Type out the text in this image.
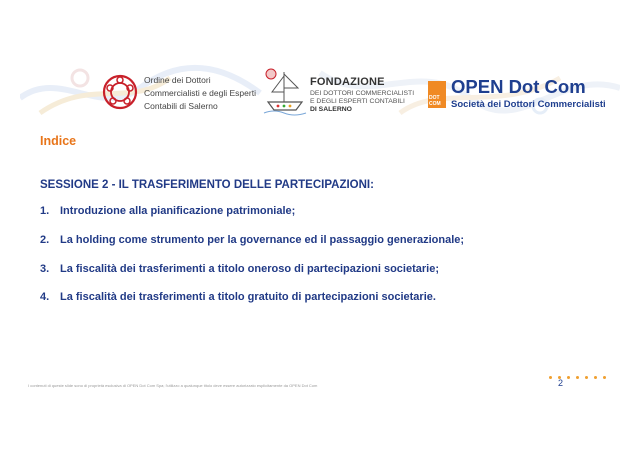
Ordine dei Dottori
Commercialisti e degli Esperti
Contabili di Salerno
FONDAZIONE
DEI DOTTORI COMMERCIALISTI
E DEGLI ESPERTI CONTABILI
DI SALERNO
DOT
COM
OPEN Dot Com
Società dei Dottori Commercialisti
Indice
SESSIONE 2 - IL TRASFERIMENTO DELLE PARTECIPAZIONI:
1. Introduzione alla pianificazione patrimoniale;
2. La holding come strumento per la governance ed il passaggio generazionale;
3. La fiscalità dei trasferimenti a titolo oneroso di partecipazioni societarie;
4. La fiscalità dei trasferimenti a titolo gratuito di partecipazioni societarie.
I contenuti di queste slide sono di proprietà esclusiva di OPEN Dot Com Spa; l'utilizzo a qualunque titolo deve essere autorizzato esplicitamente da OPEN Dot Com	2
